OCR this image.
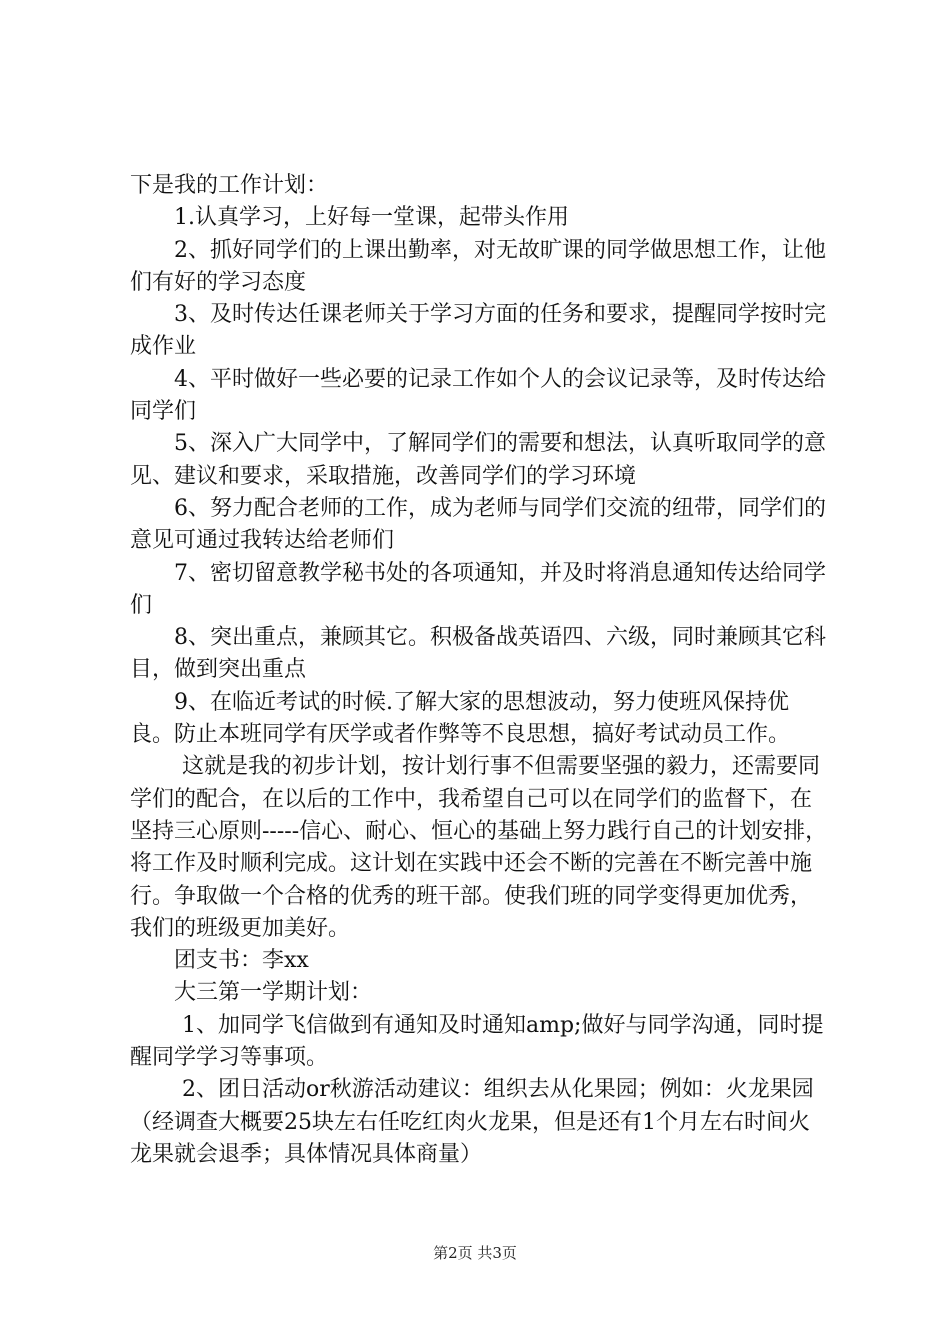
下是我的工作计划：

1.认真学习，上好每一堂课，起带头作用

2、抓好同学们的上课出勤率，对无故旷课的同学做思想工作，让他们有好的学习态度

3、及时传达任课老师关于学习方面的任务和要求，提醒同学按时完成作业

4、平时做好一些必要的记录工作如个人的会议记录等，及时传达给同学们

5、深入广大同学中，了解同学们的需要和想法，认真听取同学的意见、建议和要求，采取措施，改善同学们的学习环境

6、努力配合老师的工作，成为老师与同学们交流的纽带，同学们的意见可通过我转达给老师们

7、密切留意教学秘书处的各项通知，并及时将消息通知传达给同学们

8、突出重点，兼顾其它。积极备战英语四、六级，同时兼顾其它科目，做到突出重点

9、在临近考试的时候.了解大家的思想波动，努力使班风保持优良。防止本班同学有厌学或者作弊等不良思想，搞好考试动员工作。

这就是我的初步计划，按计划行事不但需要坚强的毅力，还需要同学们的配合，在以后的工作中，我希望自己可以在同学们的监督下，在坚持三心原则-----信心、耐心、恒心的基础上努力践行自己的计划安排，将工作及时顺利完成。这计划在实践中还会不断的完善在不断完善中施行。争取做一个合格的优秀的班干部。使我们班的同学变得更加优秀，我们的班级更加美好。

团支书：李xx

大三第一学期计划：

1、加同学飞信做到有通知及时通知amp;做好与同学沟通，同时提醒同学学习等事项。

2、团日活动or秋游活动建议：组织去从化果园；例如：火龙果园（经调查大概要25块左右任吃红肉火龙果，但是还有1个月左右时间火龙果就会退季；具体情况具体商量）

第2页 共3页
